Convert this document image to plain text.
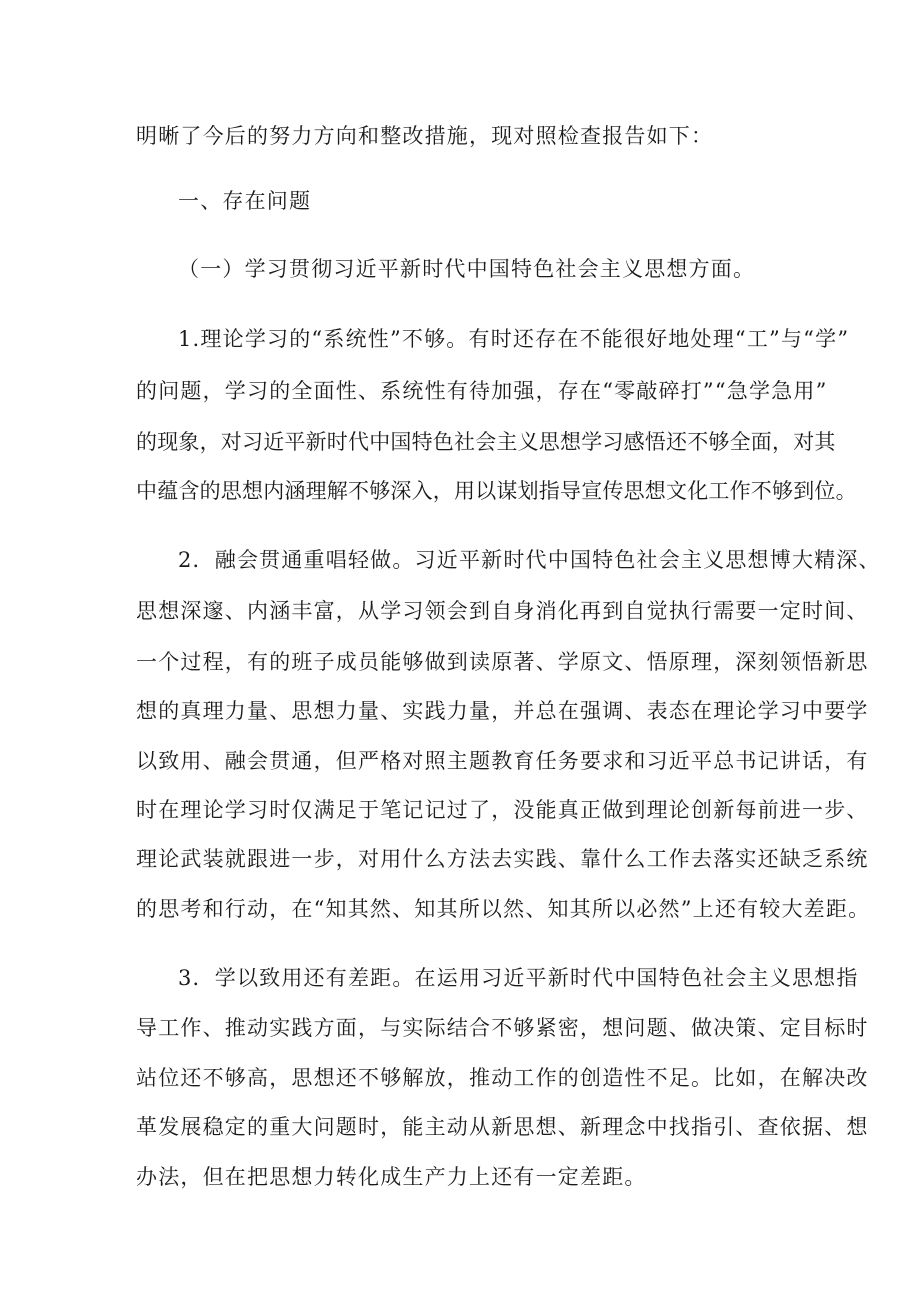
明晰了今后的努力方向和整改措施，现对照检查报告如下：
一、存在问题
（一）学习贯彻习近平新时代中国特色社会主义思想方面。
1.理论学习的“系统性”不够。有时还存在不能很好地处理“工”与“学”
的问题，学习的全面性、系统性有待加强，存在“零敲碎打”“急学急用”
的现象，对习近平新时代中国特色社会主义思想学习感悟还不够全面，对其
中蕴含的思想内涵理解不够深入，用以谋划指导宣传思想文化工作不够到位。
2．融会贯通重唱轻做。习近平新时代中国特色社会主义思想博大精深、
思想深邃、内涵丰富，从学习领会到自身消化再到自觉执行需要一定时间、
一个过程，有的班子成员能够做到读原著、学原文、悟原理，深刻领悟新思
想的真理力量、思想力量、实践力量，并总在强调、表态在理论学习中要学
以致用、融会贯通，但严格对照主题教育任务要求和习近平总书记讲话，有
时在理论学习时仅满足于笔记记过了，没能真正做到理论创新每前进一步、
理论武装就跟进一步，对用什么方法去实践、靠什么工作去落实还缺乏系统
的思考和行动，在“知其然、知其所以然、知其所以必然”上还有较大差距。
3．学以致用还有差距。在运用习近平新时代中国特色社会主义思想指
导工作、推动实践方面，与实际结合不够紧密，想问题、做决策、定目标时
站位还不够高，思想还不够解放，推动工作的创造性不足。比如，在解决改
革发展稳定的重大问题时，能主动从新思想、新理念中找指引、查依据、想
办法，但在把思想力转化成生产力上还有一定差距。
